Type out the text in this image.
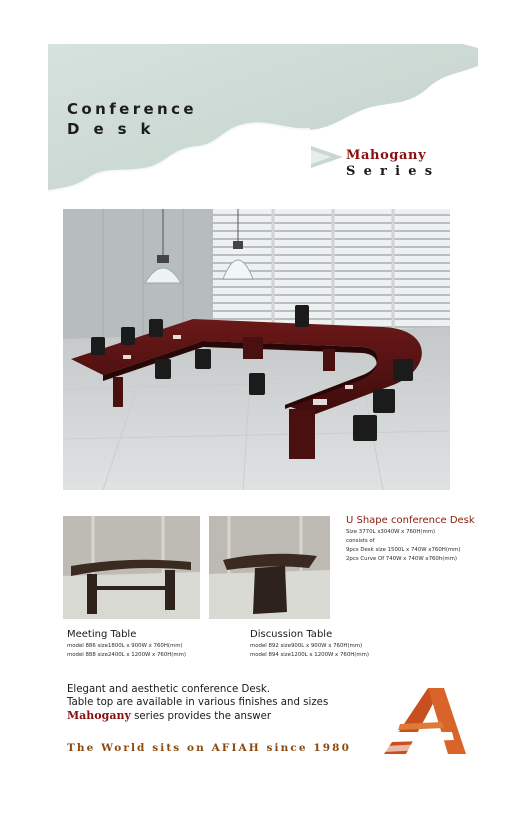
Conference
Desk
Mahogany
Series
U Shape conference Desk
Size 3770L x3040W x 760H(mm)
consists of
9pcs Desk size 1500L x 740W x760H(mm)
2pcs Curve Of 740W x 740W x760h(mm)
Meeting Table
model 886 size1800L x 900W x 760H(mm)
model 888 size2400L x 1200W x 760H(mm)
Discussion Table
model 892 size900L x 900W x 760H(mm)
model 894 size1200L x 1200W x 760H(mm)
Elegant and aesthetic conference Desk.
Table top are available in various finishes and sizes
Mahogany series provides the answer
The World sits on AFIAH since 1980
